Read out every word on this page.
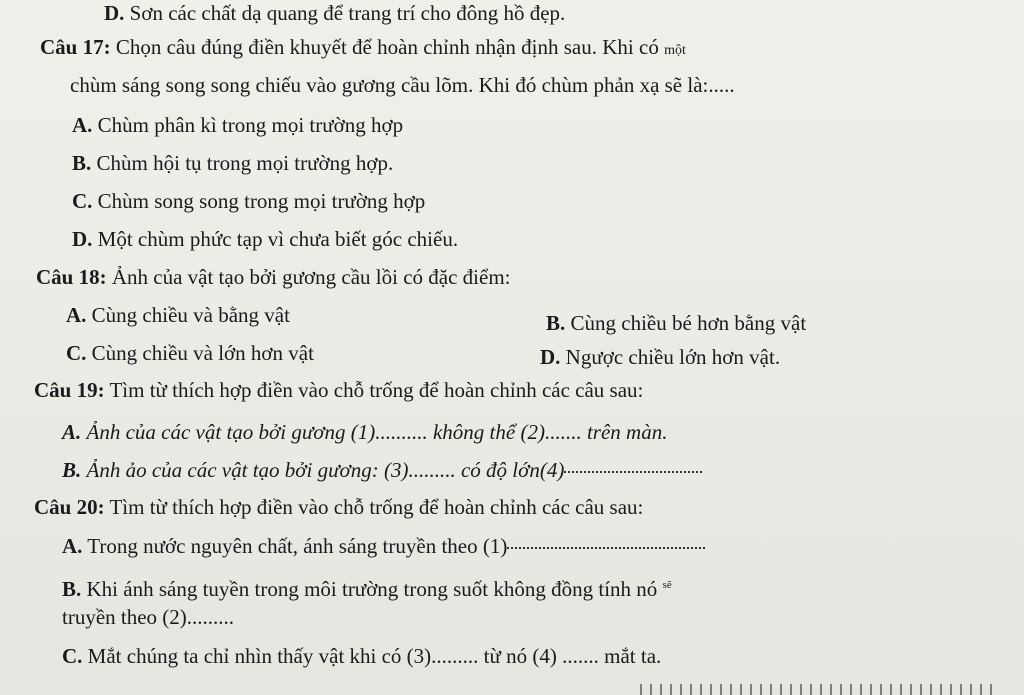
D. Sơn các chất dạ quang để trang trí cho đông hồ đẹp.
Câu 17: Chọn câu đúng điền khuyết để hoàn chỉnh nhận định sau. Khi có một
chùm sáng song song chiếu vào gương cầu lõm. Khi đó chùm phản xạ sẽ là:.....
A. Chùm phân kì trong mọi trường hợp
B. Chùm hội tụ trong mọi trường hợp.
C. Chùm song song trong mọi trường hợp
D. Một chùm phức tạp vì chưa biết góc chiếu.
Câu 18: Ảnh của vật tạo bởi gương cầu lồi có đặc điểm:
A. Cùng chiều và bằng vật	B. Cùng chiều bé hơn bằng vật
C. Cùng chiều và lớn hơn vật	D. Ngược chiều lớn hơn vật.
Câu 19: Tìm từ thích hợp điền vào chỗ trống để hoàn chỉnh các câu sau:
A. Ảnh của các vật tạo bởi gương (1).......... không thể (2)....... trên màn.
B. Ảnh ảo của các vật tạo bởi gương: (3)......... có độ lớn(4)
Câu 20: Tìm từ thích hợp điền vào chỗ trống để hoàn chỉnh các câu sau:
A. Trong nước nguyên chất, ánh sáng truyền theo (1)
B. Khi ánh sáng tuyền trong môi trường trong suốt không đồng tính nó $^{sẽ}$
truyền theo (2).........
C. Mắt chúng ta chỉ nhìn thấy vật khi có (3)......... từ nó (4) ....... mắt ta.
